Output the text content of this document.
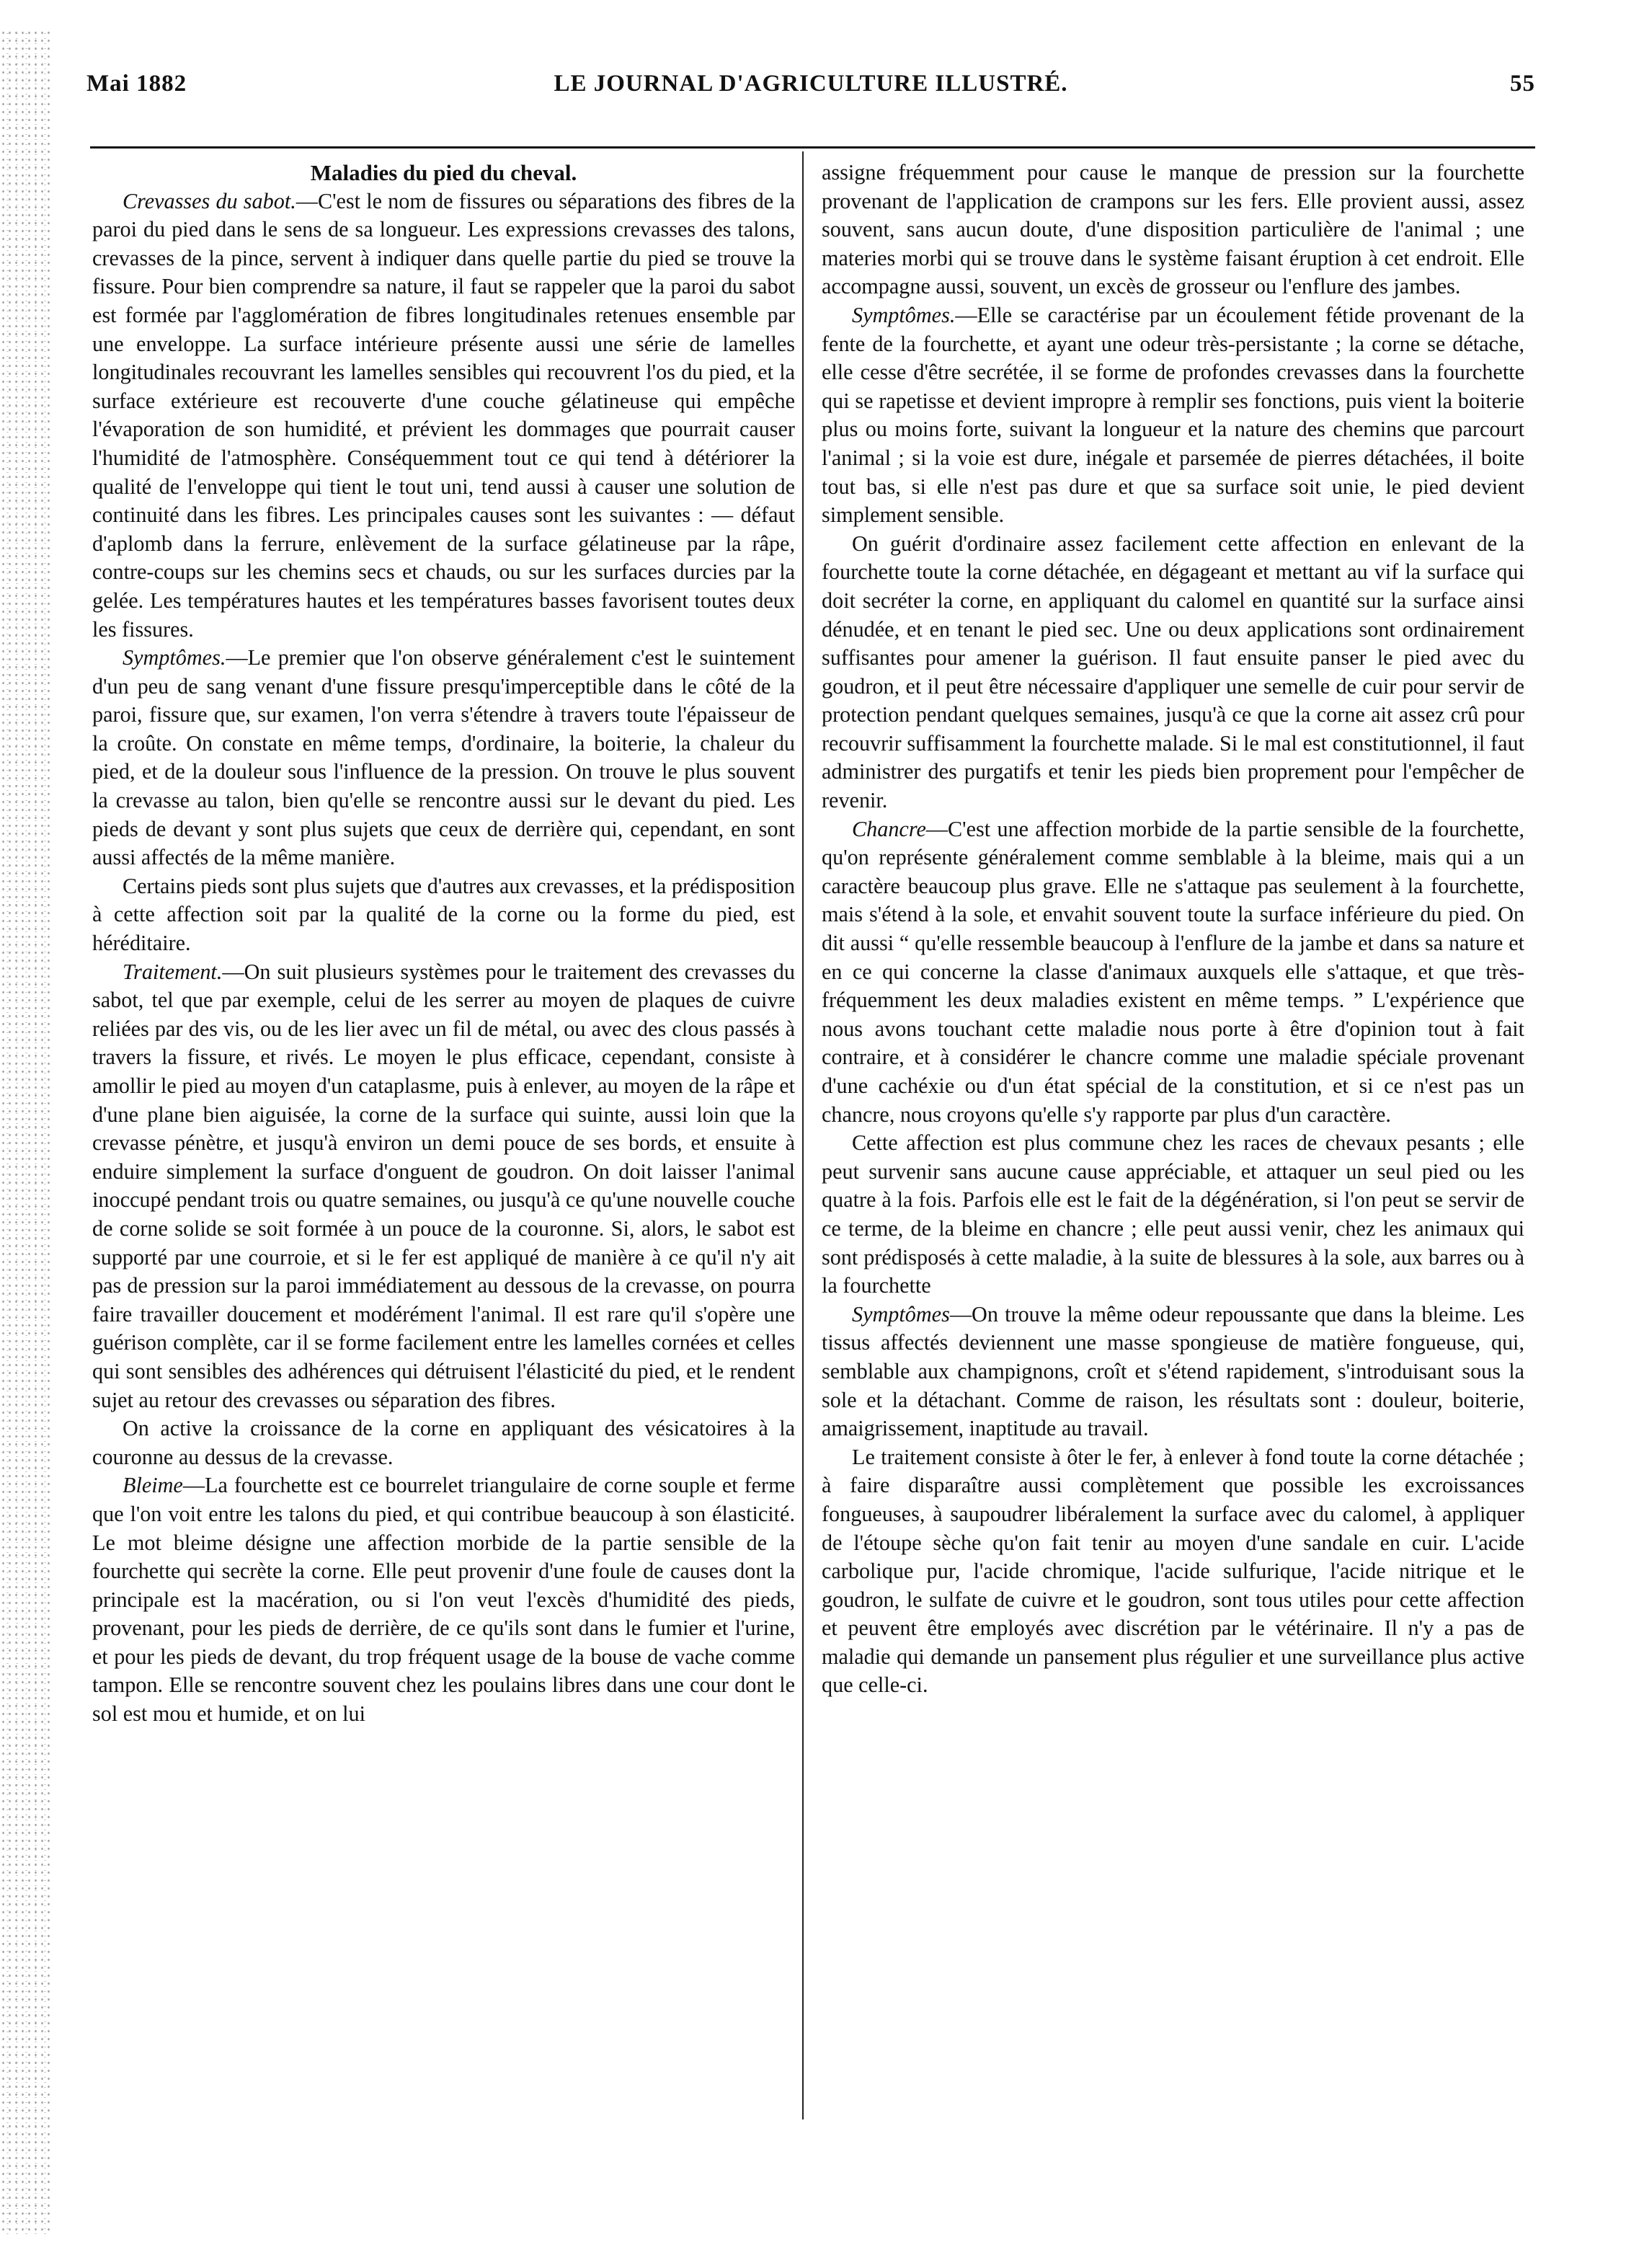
Mai 1882	LE JOURNAL D'AGRICULTURE ILLUSTRÉ.	55

Maladies du pied du cheval.

Crevasses du sabot.—C'est le nom de fissures ou séparations des fibres de la paroi du pied dans le sens de sa longueur. Les expressions crevasses des talons, crevasses de la pince, servent à indiquer dans quelle partie du pied se trouve la fissure. Pour bien comprendre sa nature, il faut se rappeler que la paroi du sabot est formée par l'agglomération de fibres longitudinales retenues ensemble par une enveloppe. La surface intérieure présente aussi une série de lamelles longitudinales recouvrant les lamelles sensibles qui recouvrent l'os du pied, et la surface extérieure est recouverte d'une couche gélatineuse qui empêche l'évaporation de son humidité, et prévient les dommages que pourrait causer l'humidité de l'atmosphère. Conséquemment tout ce qui tend à détériorer la qualité de l'enveloppe qui tient le tout uni, tend aussi à causer une solution de continuité dans les fibres. Les principales causes sont les suivantes : — défaut d'aplomb dans la ferrure, enlèvement de la surface gélatineuse par la râpe, contre-coups sur les chemins secs et chauds, ou sur les surfaces durcies par la gelée. Les températures hautes et les températures basses favorisent toutes deux les fissures.

Symptômes.—Le premier que l'on observe généralement c'est le suintement d'un peu de sang venant d'une fissure presqu'imperceptible dans le côté de la paroi, fissure que, sur examen, l'on verra s'étendre à travers toute l'épaisseur de la croûte. On constate en même temps, d'ordinaire, la boiterie, la chaleur du pied, et de la douleur sous l'influence de la pression. On trouve le plus souvent la crevasse au talon, bien qu'elle se rencontre aussi sur le devant du pied. Les pieds de devant y sont plus sujets que ceux de derrière qui, cependant, en sont aussi affectés de la même manière.

Certains pieds sont plus sujets que d'autres aux crevasses, et la prédisposition à cette affection soit par la qualité de la corne ou la forme du pied, est héréditaire.

Traitement.—On suit plusieurs systèmes pour le traitement des crevasses du sabot, tel que par exemple, celui de les serrer au moyen de plaques de cuivre reliées par des vis, ou de les lier avec un fil de métal, ou avec des clous passés à travers la fissure, et rivés. Le moyen le plus efficace, cependant, consiste à amollir le pied au moyen d'un cataplasme, puis à enlever, au moyen de la râpe et d'une plane bien aiguisée, la corne de la surface qui suinte, aussi loin que la crevasse pénètre, et jusqu'à environ un demi pouce de ses bords, et ensuite à enduire simplement la surface d'onguent de goudron. On doit laisser l'animal inoccupé pendant trois ou quatre semaines, ou jusqu'à ce qu'une nouvelle couche de corne solide se soit formée à un pouce de la couronne. Si, alors, le sabot est supporté par une courroie, et si le fer est appliqué de manière à ce qu'il n'y ait pas de pression sur la paroi immédiatement au dessous de la crevasse, on pourra faire travailler doucement et modérément l'animal. Il est rare qu'il s'opère une guérison complète, car il se forme facilement entre les lamelles cornées et celles qui sont sensibles des adhérences qui détruisent l'élasticité du pied, et le rendent sujet au retour des crevasses ou séparation des fibres.

On active la croissance de la corne en appliquant des vésicatoires à la couronne au dessus de la crevasse.

Bleime—La fourchette est ce bourrelet triangulaire de corne souple et ferme que l'on voit entre les talons du pied, et qui contribue beaucoup à son élasticité. Le mot bleime désigne une affection morbide de la partie sensible de la fourchette qui secrète la corne. Elle peut provenir d'une foule de causes dont la principale est la macération, ou si l'on veut l'excès d'humidité des pieds, provenant, pour les pieds de derrière, de ce qu'ils sont dans le fumier et l'urine, et pour les pieds de devant, du trop fréquent usage de la bouse de vache comme tampon. Elle se rencontre souvent chez les poulains libres dans une cour dont le sol est mou et humide, et on lui

assigne fréquemment pour cause le manque de pression sur la fourchette provenant de l'application de crampons sur les fers. Elle provient aussi, assez souvent, sans aucun doute, d'une disposition particulière de l'animal ; une materies morbi qui se trouve dans le système faisant éruption à cet endroit. Elle accompagne aussi, souvent, un excès de grosseur ou l'enflure des jambes.

Symptômes.—Elle se caractérise par un écoulement fétide provenant de la fente de la fourchette, et ayant une odeur très-persistante ; la corne se détache, elle cesse d'être secrétée, il se forme de profondes crevasses dans la fourchette qui se rapetisse et devient impropre à remplir ses fonctions, puis vient la boiterie plus ou moins forte, suivant la longueur et la nature des chemins que parcourt l'animal ; si la voie est dure, inégale et parsemée de pierres détachées, il boite tout bas, si elle n'est pas dure et que sa surface soit unie, le pied devient simplement sensible.

On guérit d'ordinaire assez facilement cette affection en enlevant de la fourchette toute la corne détachée, en dégageant et mettant au vif la surface qui doit secréter la corne, en appliquant du calomel en quantité sur la surface ainsi dénudée, et en tenant le pied sec. Une ou deux applications sont ordinairement suffisantes pour amener la guérison. Il faut ensuite panser le pied avec du goudron, et il peut être nécessaire d'appliquer une semelle de cuir pour servir de protection pendant quelques semaines, jusqu'à ce que la corne ait assez crû pour recouvrir suffisamment la fourchette malade. Si le mal est constitutionnel, il faut administrer des purgatifs et tenir les pieds bien proprement pour l'empêcher de revenir.

Chancre—C'est une affection morbide de la partie sensible de la fourchette, qu'on représente généralement comme semblable à la bleime, mais qui a un caractère beaucoup plus grave. Elle ne s'attaque pas seulement à la fourchette, mais s'étend à la sole, et envahit souvent toute la surface inférieure du pied. On dit aussi “ qu'elle ressemble beaucoup à l'enflure de la jambe et dans sa nature et en ce qui concerne la classe d'animaux auxquels elle s'attaque, et que très-fréquemment les deux maladies existent en même temps. ” L'expérience que nous avons touchant cette maladie nous porte à être d'opinion tout à fait contraire, et à considérer le chancre comme une maladie spéciale provenant d'une cachéxie ou d'un état spécial de la constitution, et si ce n'est pas un chancre, nous croyons qu'elle s'y rapporte par plus d'un caractère.

Cette affection est plus commune chez les races de chevaux pesants ; elle peut survenir sans aucune cause appréciable, et attaquer un seul pied ou les quatre à la fois. Parfois elle est le fait de la dégénération, si l'on peut se servir de ce terme, de la bleime en chancre ; elle peut aussi venir, chez les animaux qui sont prédisposés à cette maladie, à la suite de blessures à la sole, aux barres ou à la fourchette

Symptômes—On trouve la même odeur repoussante que dans la bleime. Les tissus affectés deviennent une masse spongieuse de matière fongueuse, qui, semblable aux champignons, croît et s'étend rapidement, s'introduisant sous la sole et la détachant. Comme de raison, les résultats sont : douleur, boiterie, amaigrissement, inaptitude au travail.

Le traitement consiste à ôter le fer, à enlever à fond toute la corne détachée ; à faire disparaître aussi complètement que possible les excroissances fongueuses, à saupoudrer libéralement la surface avec du calomel, à appliquer de l'étoupe sèche qu'on fait tenir au moyen d'une sandale en cuir. L'acide carbolique pur, l'acide chromique, l'acide sulfurique, l'acide nitrique et le goudron, le sulfate de cuivre et le goudron, sont tous utiles pour cette affection et peuvent être employés avec discrétion par le vétérinaire. Il n'y a pas de maladie qui demande un pansement plus régulier et une surveillance plus active que celle-ci.
